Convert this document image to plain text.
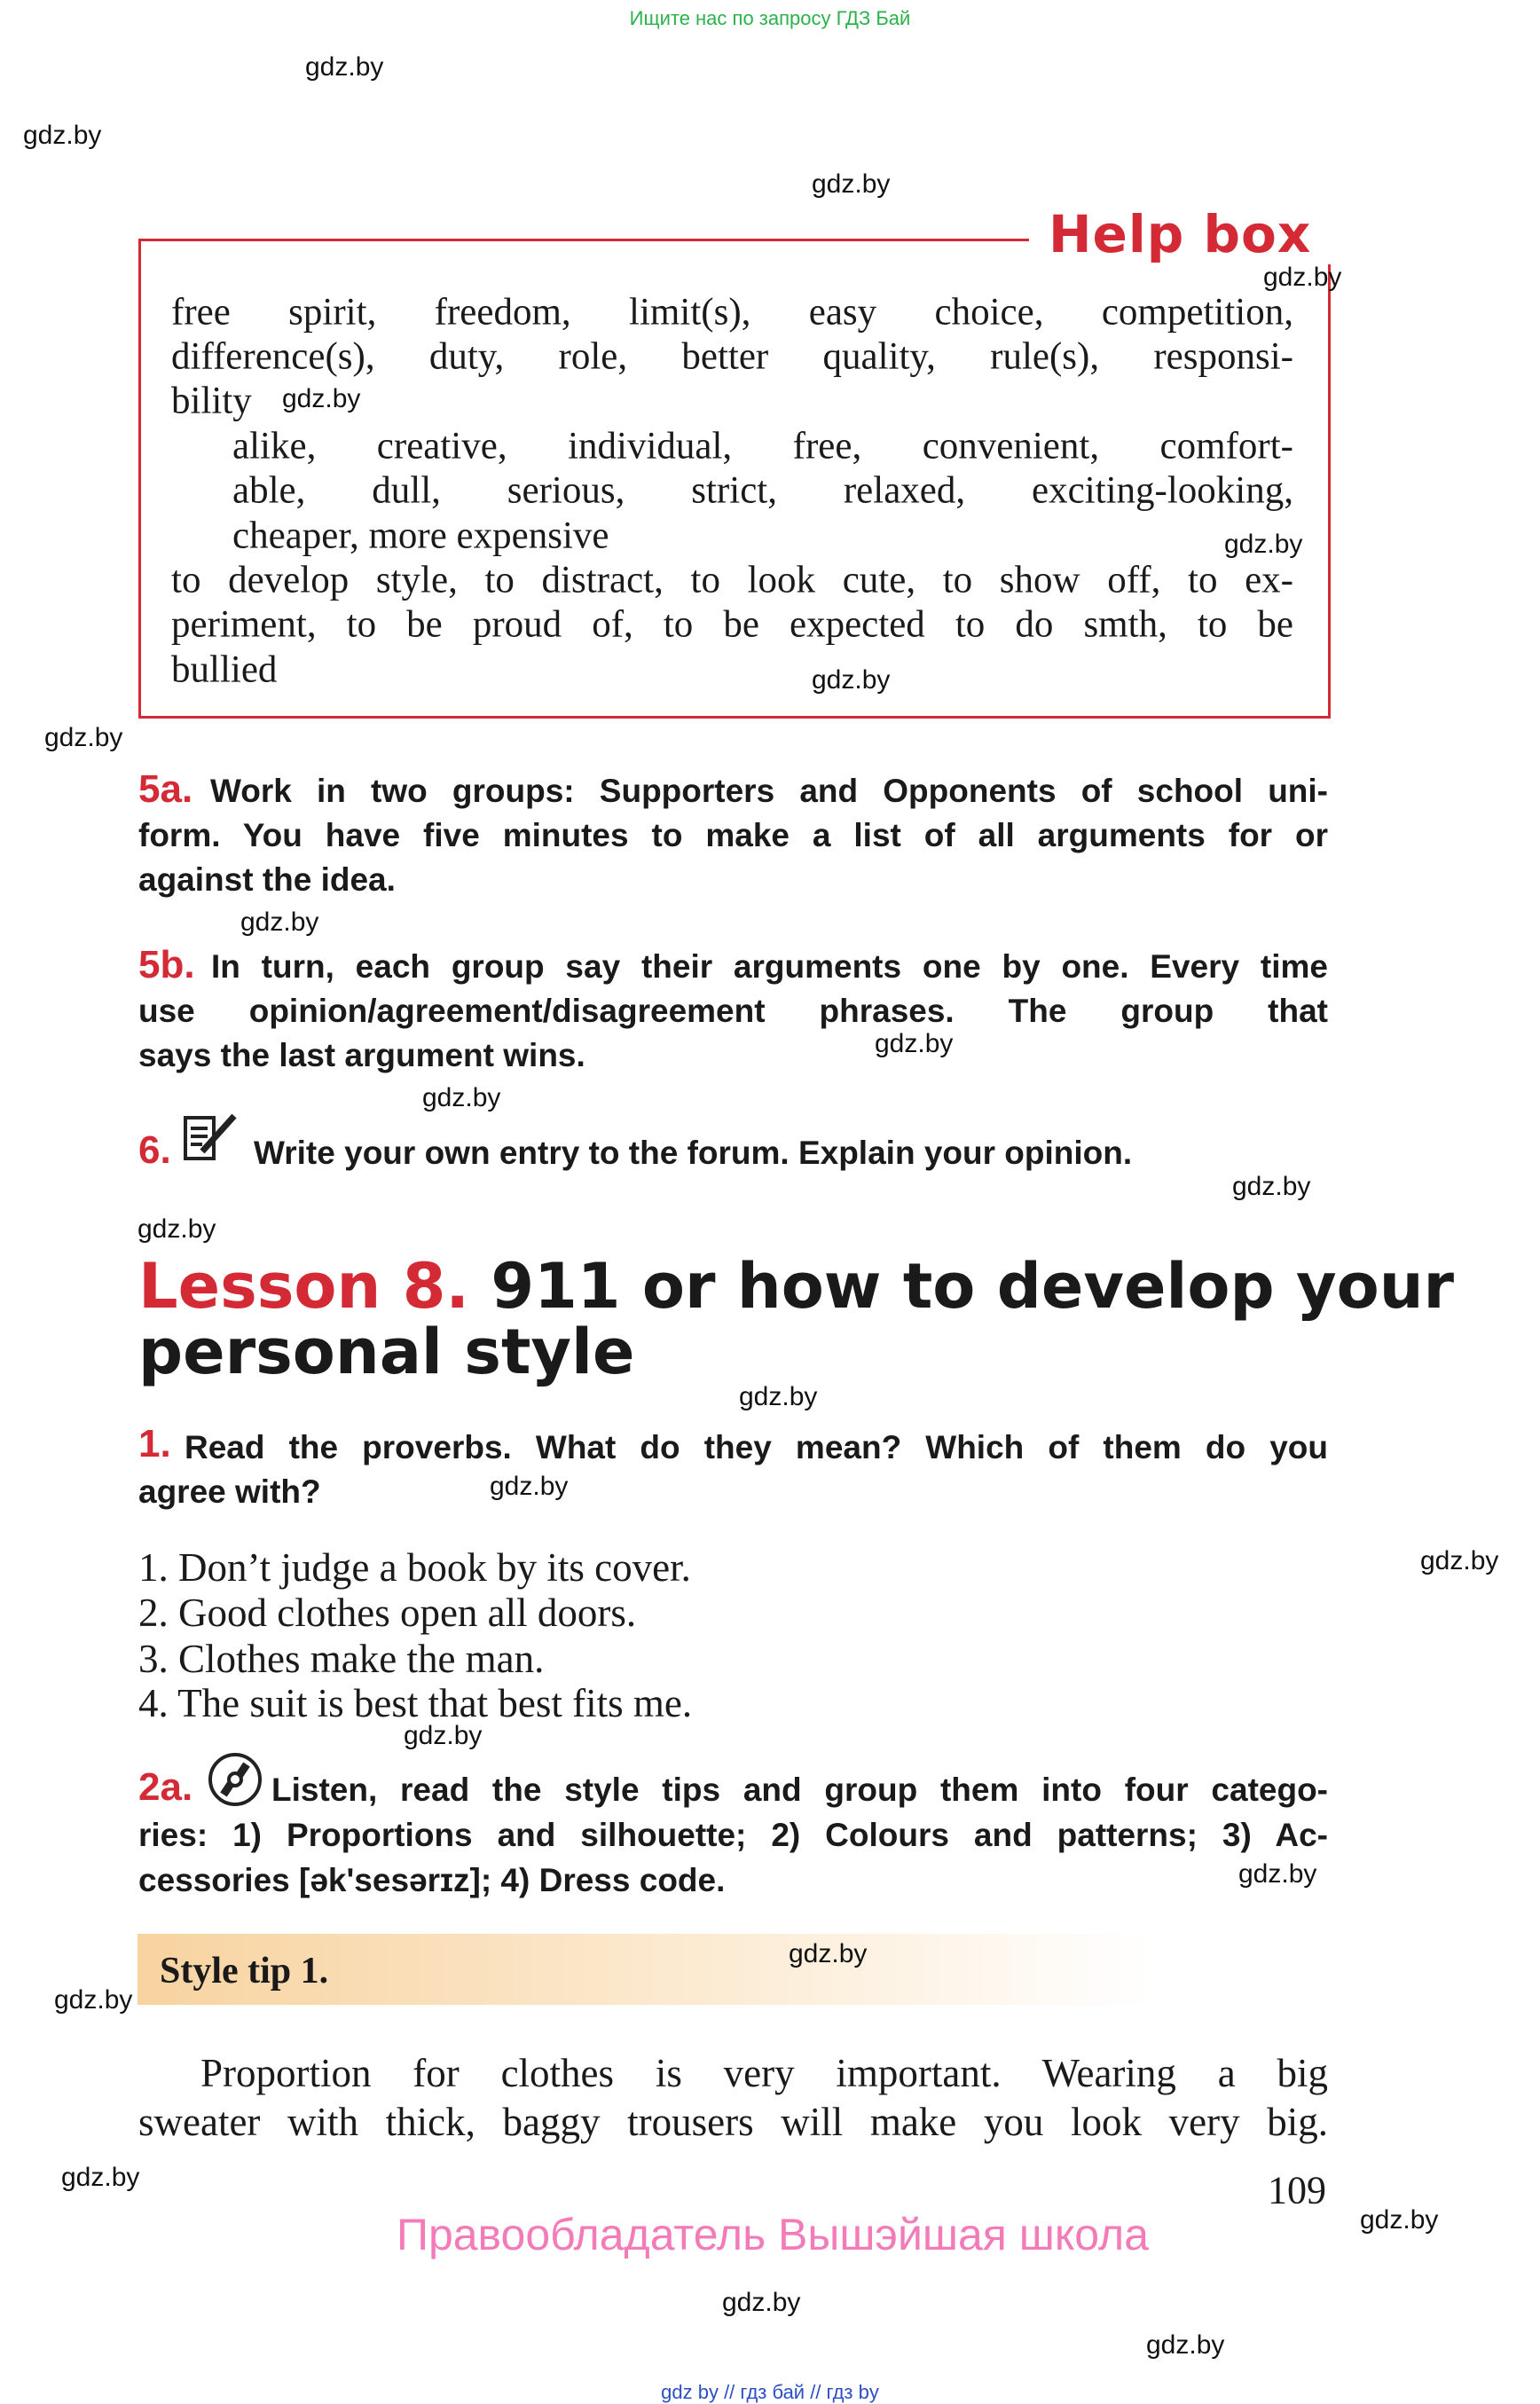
Ищите нас по запросу ГДЗ Бай
Help box
free spirit, freedom, limit(s), easy choice, competition,
difference(s), duty, role, better quality, rule(s), responsi-
bility
alike, creative, individual, free, convenient, comfort-
able, dull, serious, strict, relaxed, exciting-looking,
cheaper, more expensive
to develop style, to distract, to look cute, to show off, to ex-
periment, to be proud of, to be expected to do smth, to be
bullied
5a. Work in two groups: Supporters and Opponents of school uni-
form. You have five minutes to make a list of all arguments for or
against the idea.
5b. In turn, each group say their arguments one by one. Every time
use opinion/agreement/disagreement phrases. The group that
says the last argument wins.
6.	Write your own entry to the forum. Explain your opinion.
Lesson 8. 911 or how to develop your
personal style
1. Read the proverbs. What do they mean? Which of them do you
agree with?
1. Don’t judge a book by its cover.
2. Good clothes open all doors.
3. Clothes make the man.
4. The suit is best that best fits me.
2a. Listen, read the style tips and group them into four catego-
ries: 1) Proportions and silhouette; 2) Colours and patterns; 3) Ac-
cessories [ək'sesərɪz]; 4) Dress code.
Style tip 1.
Proportion for clothes is very important. Wearing a big
sweater with thick, baggy trousers will make you look very big.
109
Правообладатель Вышэйшая школа
gdz by // гдз бай // гдз by
gdz.by
gdz.by
gdz.by
gdz.by
gdz.by
gdz.by
gdz.by
gdz.by
gdz.by
gdz.by
gdz.by
gdz.by
gdz.by
gdz.by
gdz.by
gdz.by
gdz.by
gdz.by
gdz.by
gdz.by
gdz.by
gdz.by
gdz.by
gdz.by
